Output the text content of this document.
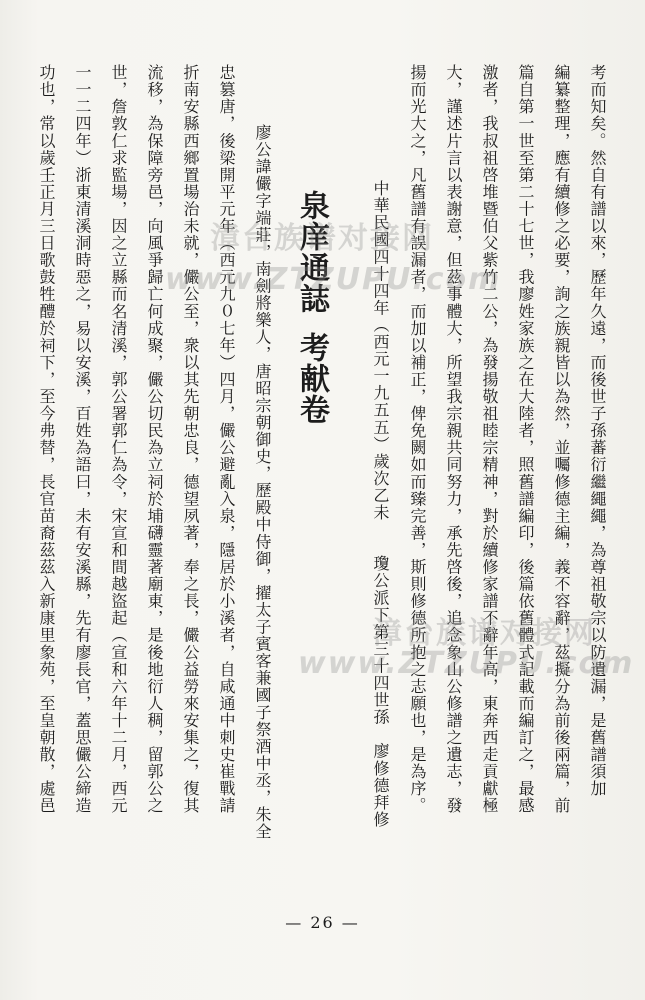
考而知矣。然自有譜以來，歷年久遠，而後世子孫蕃衍繼繩繩，為尊祖敬宗以防遺漏，是舊譜須加
編纂整理，應有續修之必要，詢之族親皆以為然，並囑修德主編，義不容辭，茲擬分為前後兩篇，前
篇自第一世至第二十七世，我廖姓家族之在大陸者，照舊譜編印，後篇依舊體式記載而編訂之，最感
激者，我叔祖啓堆暨伯父紫竹二公，為發揚敬祖睦宗精神，對於續修家譜不辭年高，東奔西走貢獻極
大，謹述片言以表謝意，但茲事體大，所望我宗親共同努力，承先啓後，追念象山公修譜之遺志，發
揚而光大之，凡舊譜有誤漏者，而加以補正，俾免闕如而臻完善，斯則修德所抱之志願也，是為序。
中華民國四十四年（西元一九五五）歲次乙未　　瓊公派下第三十四世孫　廖修德拜修
泉庠通誌考献卷
廖公諱儼字端莊，南劍將樂人，唐昭宗朝御史，歷殿中侍御，擢太子賓客兼國子祭酒中丞，朱全
忠篡唐，後梁開平元年（西元九０七年）四月，儼公避亂入泉，隱居於小溪者，自咸通中刺史崔戰請
折南安縣西鄉置場治未就，儼公至，衆以其先朝忠良，德望夙著，奉之長，儼公益勞來安集之，復其
流移，為保障旁邑，向風爭歸亡何成聚，儼公切民為立祠於埔礴靈著廟東，是後地衍人稠，留郭公之
世，詹敦仁求監場，因之立縣而名清溪，郭公署郭仁為令，宋宣和間越盜起（宣和六年十二月，西元
一一二四年）浙東清溪洞時惡之，易以安溪，百姓為語曰，未有安溪縣，先有廖長官，蓋思儼公締造
功也，常以歲壬正月三日歌鼓牲醴於祠下，至今弗替，長官苗裔茲茲入新康里象苑，至皇朝散，處邑
— 26 —
漳台族谱对接网
www.ZTZUPU.com
漳台族谱对接网
www.ZTZUPU.com
